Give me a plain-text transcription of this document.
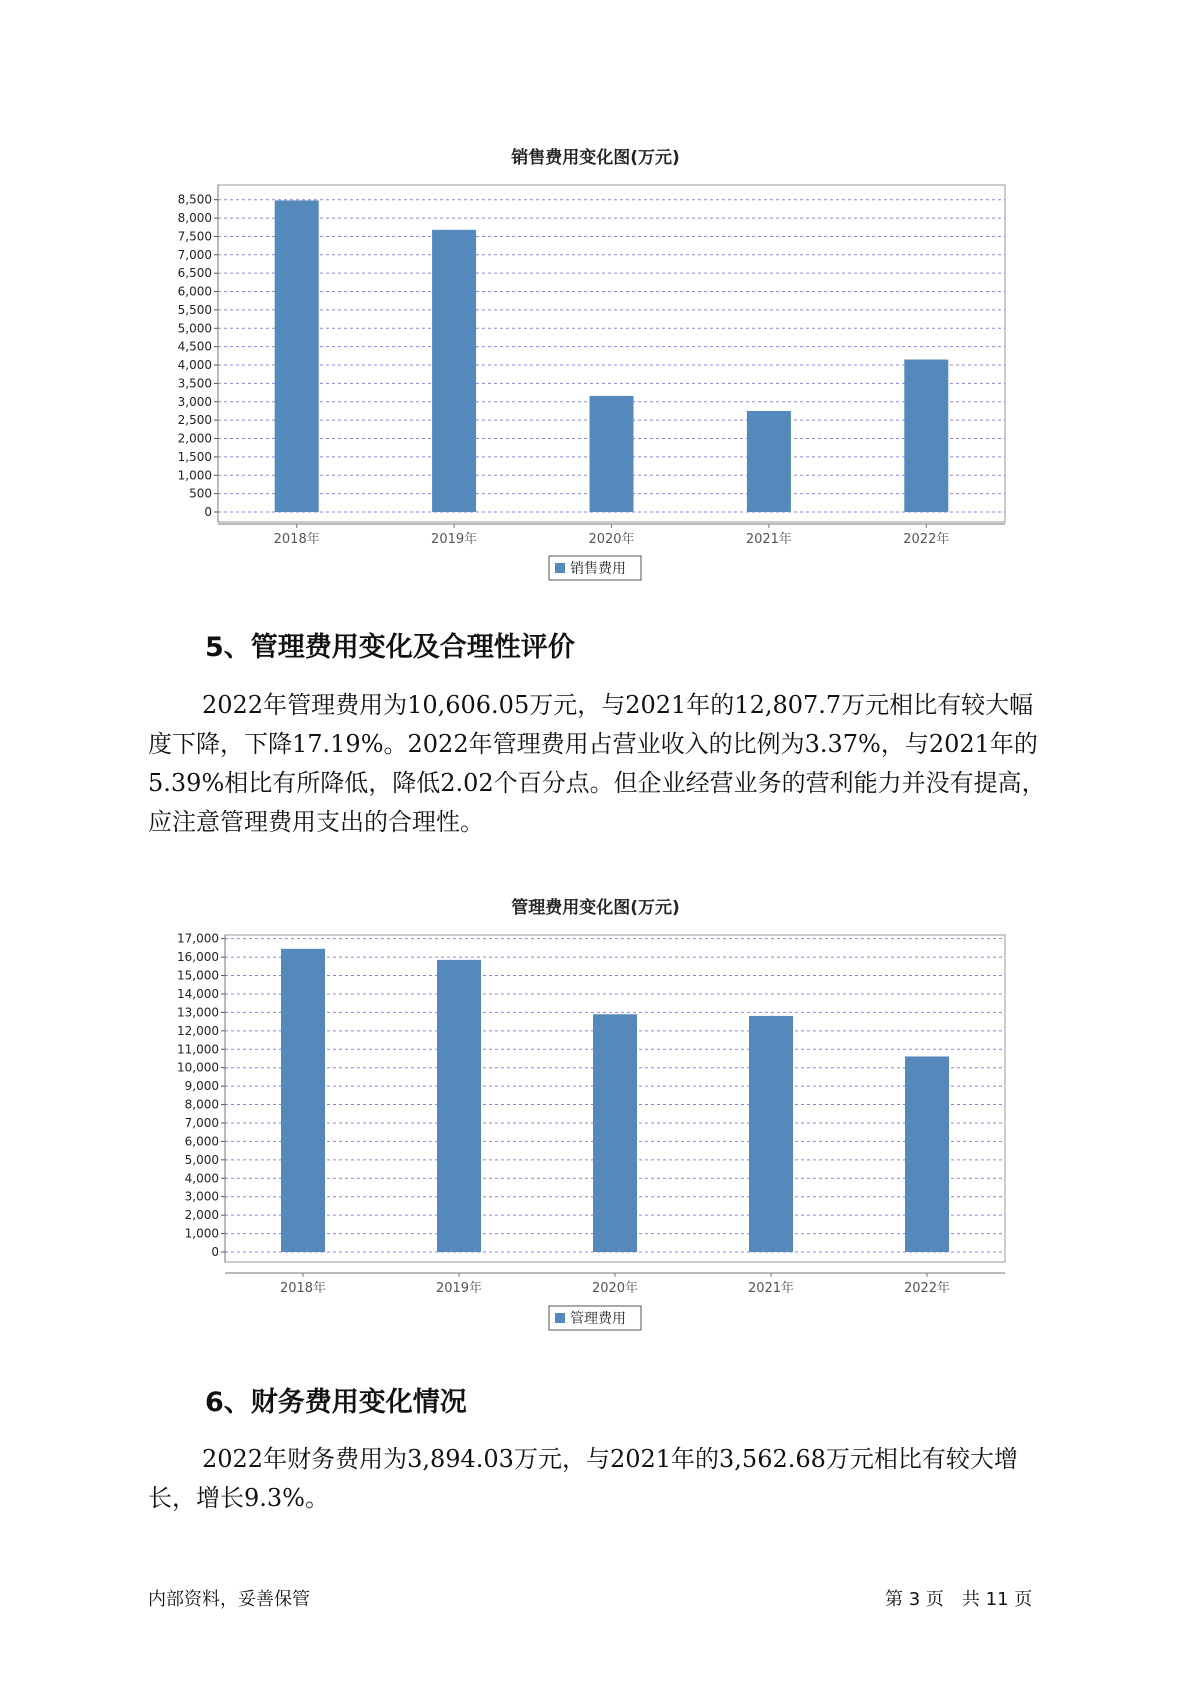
销售费用变化图(万元)
0
500
1,000
1,500
2,000
2,500
3,000
3,500
4,000
4,500
5,000
5,500
6,000
6,500
7,000
7,500
8,000
8,500
2018年	2019年	2020年	2021年	2022年
销售费用
5、管理费用变化及合理性评价

2022年管理费用为10,606.05万元，与2021年的12,807.7万元相比有较大幅度下降，下降17.19%。2022年管理费用占营业收入的比例为3.37%，与2021年的5.39%相比有所降低，降低2.02个百分点。但企业经营业务的营利能力并没有提高，应注意管理费用支出的合理性。

管理费用变化图(万元)
0
1,000
2,000
3,000
4,000
5,000
6,000
7,000
8,000
9,000
10,000
11,000
12,000
13,000
14,000
15,000
16,000
17,000
2018年	2019年	2020年	2021年	2022年
管理费用
6、财务费用变化情况

2022年财务费用为3,894.03万元，与2021年的3,562.68万元相比有较大增长，增长9.3%。

内部资料，妥善保管	第 3 页　共 11 页
